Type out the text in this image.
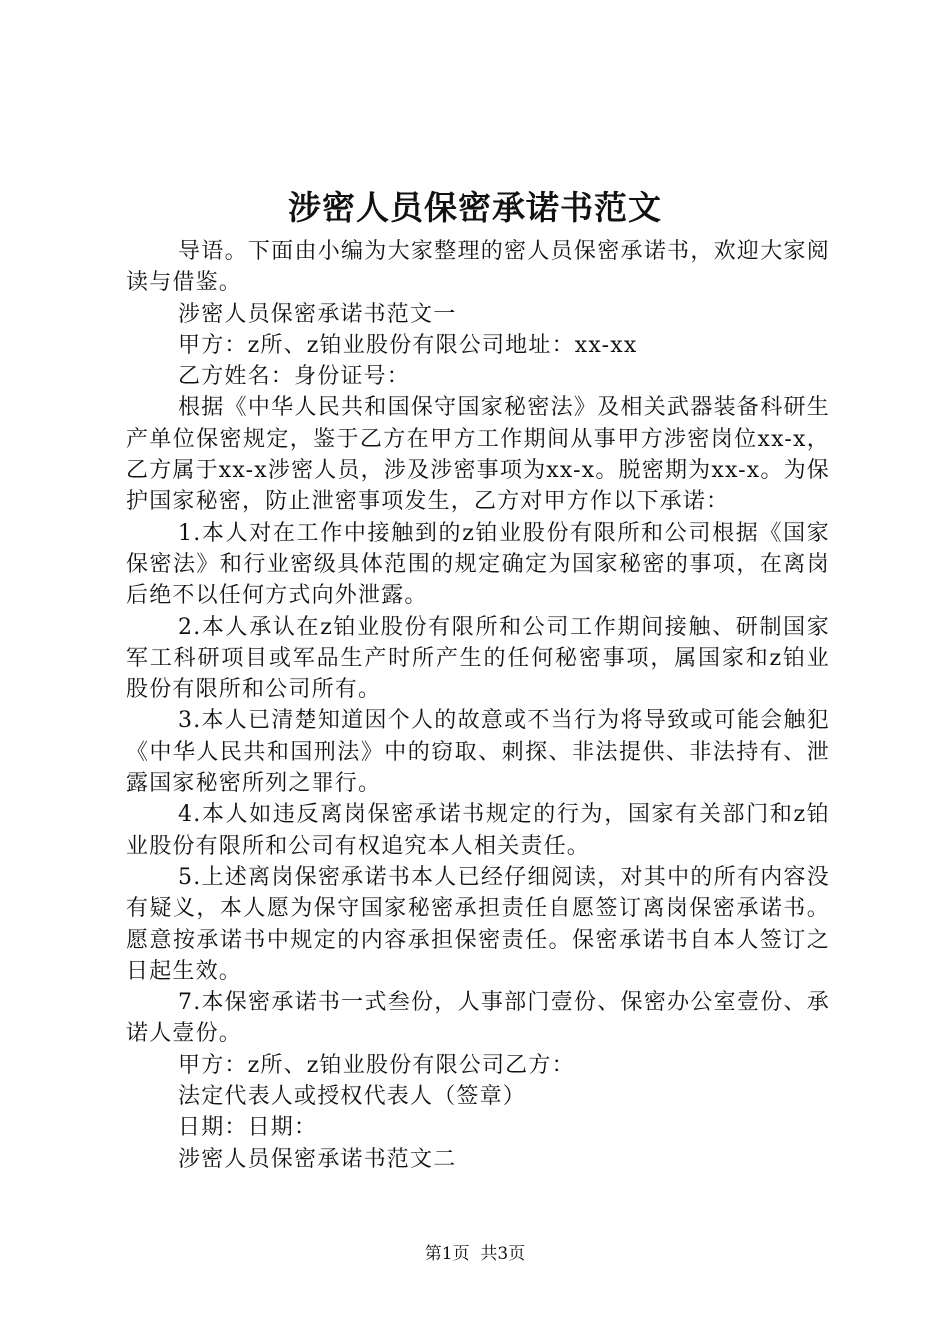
涉密人员保密承诺书范文

导语。下面由小编为大家整理的密人员保密承诺书，欢迎大家阅读与借鉴。

涉密人员保密承诺书范文一

甲方：z所、z铂业股份有限公司地址：xx-xx

乙方姓名：身份证号：

根据《中华人民共和国保守国家秘密法》及相关武器装备科研生产单位保密规定，鉴于乙方在甲方工作期间从事甲方涉密岗位xx-x，乙方属于xx-x涉密人员，涉及涉密事项为xx-x。脱密期为xx-x。为保护国家秘密，防止泄密事项发生，乙方对甲方作以下承诺：

1.本人对在工作中接触到的z铂业股份有限所和公司根据《国家保密法》和行业密级具体范围的规定确定为国家秘密的事项，在离岗后绝不以任何方式向外泄露。

2.本人承认在z铂业股份有限所和公司工作期间接触、研制国家军工科研项目或军品生产时所产生的任何秘密事项，属国家和z铂业股份有限所和公司所有。

3.本人已清楚知道因个人的故意或不当行为将导致或可能会触犯《中华人民共和国刑法》中的窃取、刺探、非法提供、非法持有、泄露国家秘密所列之罪行。

4.本人如违反离岗保密承诺书规定的行为，国家有关部门和z铂业股份有限所和公司有权追究本人相关责任。

5.上述离岗保密承诺书本人已经仔细阅读，对其中的所有内容没有疑义，本人愿为保守国家秘密承担责任自愿签订离岗保密承诺书。愿意按承诺书中规定的内容承担保密责任。保密承诺书自本人签订之日起生效。

7.本保密承诺书一式叁份，人事部门壹份、保密办公室壹份、承诺人壹份。

甲方：z所、z铂业股份有限公司乙方：

法定代表人或授权代表人（签章）

日期：日期：

涉密人员保密承诺书范文二

第1页 共3页
